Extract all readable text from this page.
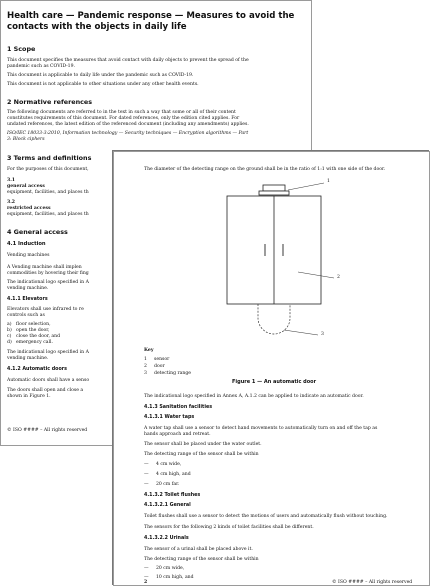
Health care — Pandemic response — Measures to avoid the
contacts with the objects in daily life
1 Scope
This document specifies the measures that avoid contact with daily objects to prevent the spread of the
pandemic such as COVID-19.
This document is applicable to daily life under the pandemic such as COVID-19.
This document is not applicable to other situations under any other health events.
2 Normative references
The following documents are referred to in the text in such a way that some or all of their content
constitutes requirements of this document. For dated references, only the edition cited applies. For
undated references, the latest edition of the referenced document (including any amendments) applies.
ISO/IEC 18033-3:2010, Information technology — Security techniques — Encryption algorithms — Part
3: Block ciphers
3 Terms and definitions
For the purposes of this document,
3.1
general access
equipment, facilities, and places th
3.2
restricted access
equipment, facilities, and places th
4 General access
4.1 Induction
Vending machines
A Vending machine shall implen
commodities by hovering their fing
The indicational logo specified in A
vending machine.
4.1.1 Elevators
Elevators shall use infrared to re
controls such as
a) floor selection,
b) open the door,
c) close the door, and
d) emergency call.
The indicational logo specified in A
vending machine.
4.1.2 Automatic doors
Automatic doors shall have a senso
The doors shall open and close a
shown in Figure 1.
© ISO #### – All rights reserved
The diameter of the detecting range on the ground shall be in the ratio of 1:1 with one side of the door.
1
2
3
Key
1 sensor
2 door
3 detecting range
Figure 1 — An automatic door
The indicational logo specified in Annex A, A.1.2 can be applied to indicate an automatic door.
4.1.3 Sanitation facilities
4.1.3.1 Water taps
A water tap shall use a sensor to detect hand movements to automatically turn on and off the tap as
hands approach and retreat.
The sensor shall be placed under the water outlet.
The detecting range of the sensor shall be within
— 4 cm wide,
— 4 cm high, and
— 20 cm far.
4.1.3.2 Toilet flushes
4.1.3.2.1 General
Toilet flushes shall use a sensor to detect the motions of users and automatically flush without touching.
The sensors for the following 2 kinds of toilet facilities shall be different.
4.1.3.2.2 Urinals
The sensor of a urinal shall be placed above it.
The detecting range of the sensor shall be within
— 20 cm wide,
— 10 cm high, and
2	© ISO #### – All rights reserved
